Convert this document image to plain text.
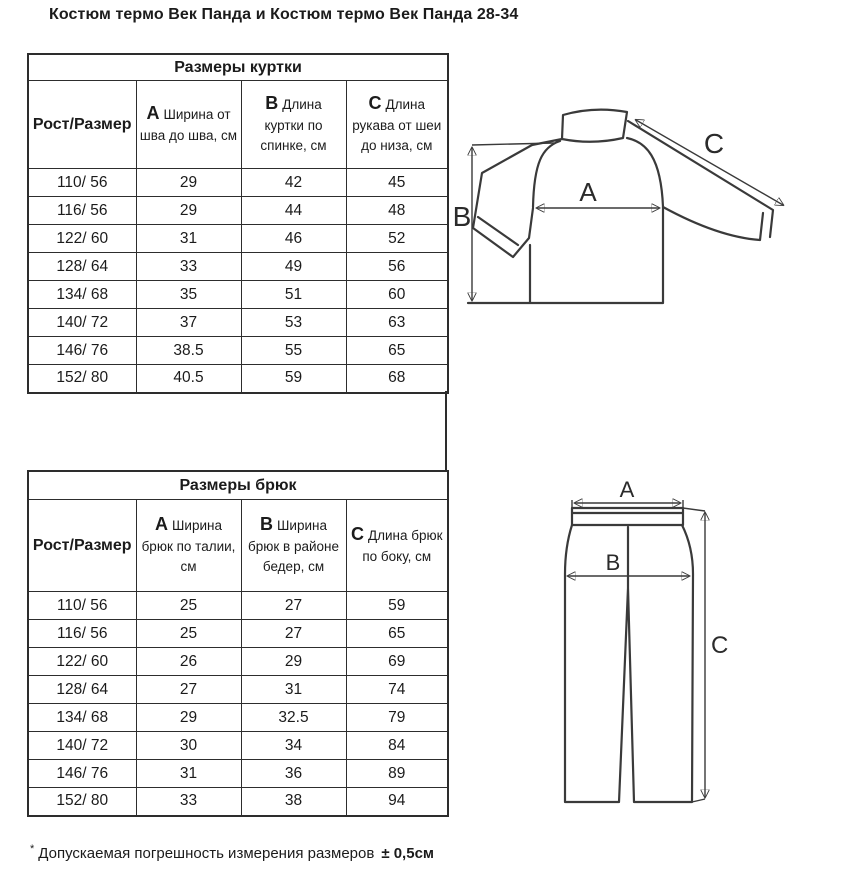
Костюм термо Век Панда и Костюм термо Век Панда 28-34
Размеры куртки			
Рост/Размер	A Ширина от шва до шва, см	B Длина куртки по спинке, см	C Длина рукава от шеи до низа, см
110/ 56	29	42	45
116/ 56	29	44	48
122/ 60	31	46	52
128/ 64	33	49	56
134/ 68	35	51	60
140/ 72	37	53	63
146/ 76	38.5	55	65
152/ 80	40.5	59	68
Размеры брюк			
Рост/Размер	A Ширина брюк по талии, см	B Ширина брюк в районе бедер, см	C Длина брюк по боку, см
110/ 56	25	27	59
116/ 56	25	27	65
122/ 60	26	29	69
128/ 64	27	31	74
134/ 68	29	32.5	79
140/ 72	30	34	84
146/ 76	31	36	89
152/ 80	33	38	94
A
B
C
A
B
C
* Допускаемая погрешность измерения размеров ± 0,5см
